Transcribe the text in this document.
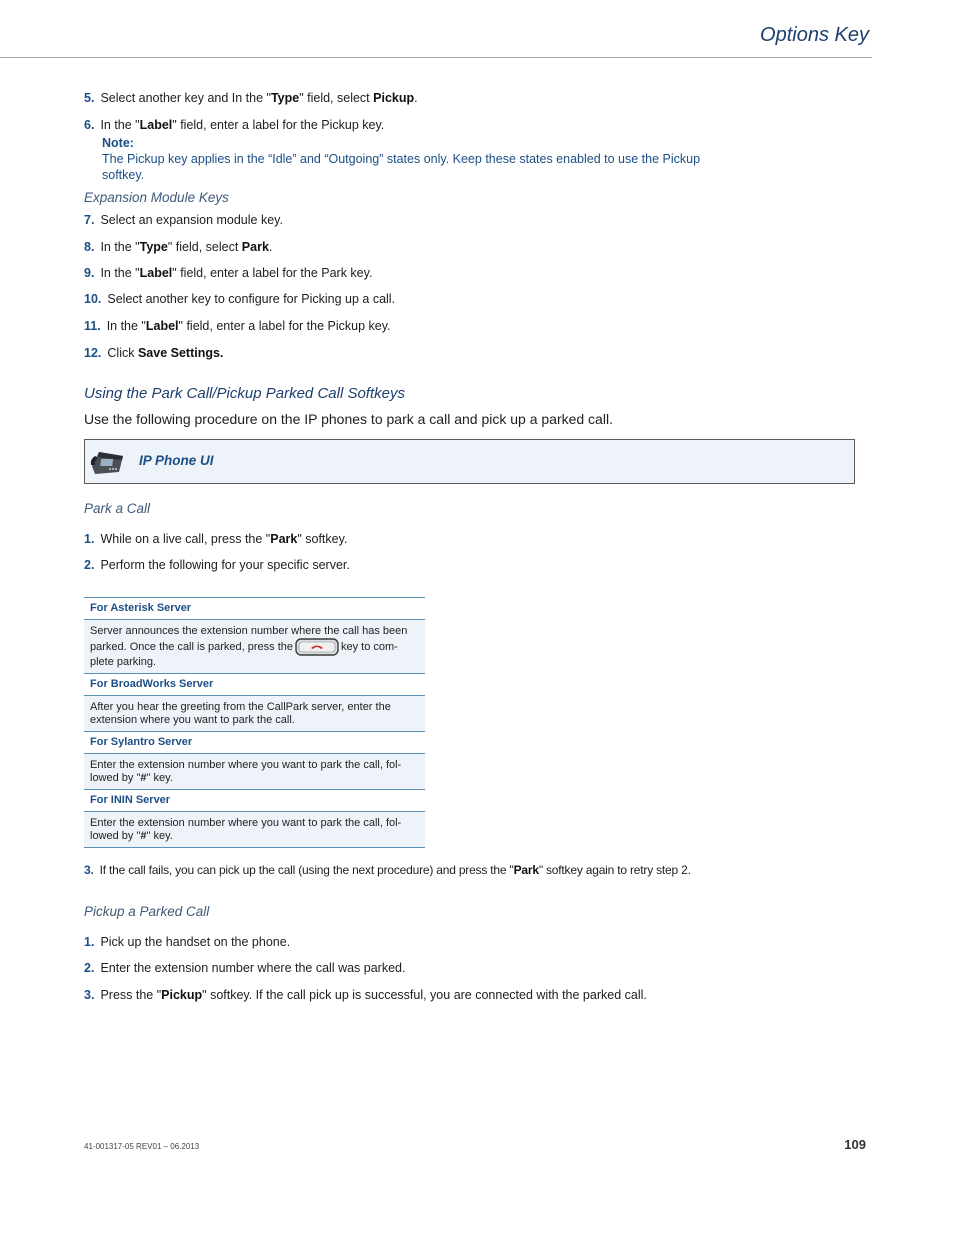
Options Key
5. Select another key and In the "Type" field, select Pickup.
6. In the "Label" field, enter a label for the Pickup key.
Note:
The Pickup key applies in the “Idle” and “Outgoing” states only. Keep these states enabled to use the Pickup softkey.
Expansion Module Keys
7. Select an expansion module key.
8. In the "Type" field, select Park.
9. In the "Label" field, enter a label for the Park key.
10. Select another key to configure for Picking up a call.
11. In the "Label" field, enter a label for the Pickup key.
12. Click Save Settings.
Using the Park Call/Pickup Parked Call Softkeys
Use the following procedure on the IP phones to park a call and pick up a parked call.
IP Phone UI
Park a Call
1. While on a live call, press the "Park" softkey.
2. Perform the following for your specific server.
For Asterisk Server
Server announces the extension number where the call has been parked. Once the call is parked, press the	key to com-plete parking.
For BroadWorks Server
After you hear the greeting from the CallPark server, enter the extension where you want to park the call.
For Sylantro Server
Enter the extension number where you want to park the call, fol-lowed by "#" key.
For ININ Server
Enter the extension number where you want to park the call, fol-lowed by "#" key.
3. If the call fails, you can pick up the call (using the next procedure) and press the "Park" softkey again to retry step 2.
Pickup a Parked Call
1. Pick up the handset on the phone.
2. Enter the extension number where the call was parked.
3. Press the "Pickup" softkey. If the call pick up is successful, you are connected with the parked call.
41-001317-05 REV01 – 06.2013	109
